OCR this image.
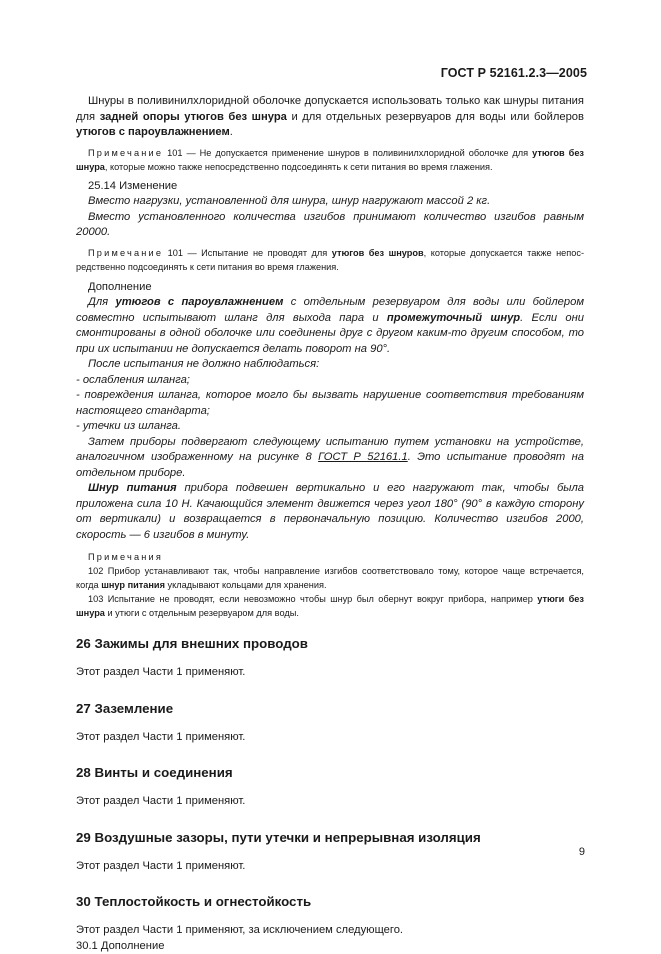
ГОСТ Р 52161.2.3—2005

Шнуры в поливинилхлоридной оболочке допускается использовать только как шнуры питания для задней опоры утюгов без шнура и для отдельных резервуаров для воды или бойлеров утюгов с пароувлажнением.

Примечание 101 — Не допускается применение шнуров в поливинилхлоридной оболочке для утюгов без шнура, которые можно также непосредственно подсоединять к сети питания во время глажения.

25.14 Изменение

Вместо нагрузки, установленной для шнура, шнур нагружают массой 2 кг.

Вместо установленного количества изгибов принимают количество изгибов равным 20000.

Примечание 101 — Испытание не проводят для утюгов без шнуров, которые допускается также непосредственно подсоединять к сети питания во время глажения.

Дополнение

Для утюгов с пароувлажнением с отдельным резервуаром для воды или бойлером совместно испытывают шланг для выхода пара и промежуточный шнур. Если они смонтированы в одной оболочке или соединены друг с другом каким-то другим способом, то при их испытании не допускается делать поворот на 90°.

После испытания не должно наблюдаться:

- ослабления шланга;

- повреждения шланга, которое могло бы вызвать нарушение соответствия требованиям настоящего стандарта;

- утечки из шланга.

Затем приборы подвергают следующему испытанию путем установки на устройстве, аналогичном изображенному на рисунке 8 ГОСТ Р 52161.1. Это испытание проводят на отдельном приборе.

Шнур питания прибора подвешен вертикально и его нагружают так, чтобы была приложена сила 10 Н. Качающийся элемент движется через угол 180° (90° в каждую сторону от вертикали) и возвращается в первоначальную позицию. Количество изгибов 2000, скорость — 6 изгибов в минуту.

Примечания

102 Прибор устанавливают так, чтобы направление изгибов соответствовало тому, которое чаще встречается, когда шнур питания укладывают кольцами для хранения.

103 Испытание не проводят, если невозможно чтобы шнур был обернут вокруг прибора, например утюги без шнура и утюги с отдельным резервуаром для воды.

26 Зажимы для внешних проводов

Этот раздел Части 1 применяют.

27 Заземление

Этот раздел Части 1 применяют.

28 Винты и соединения

Этот раздел Части 1 применяют.

29 Воздушные зазоры, пути утечки и непрерывная изоляция

Этот раздел Части 1 применяют.

30 Теплостойкость и огнестойкость

Этот раздел Части 1 применяют, за исключением следующего.

30.1 Дополнение

9
